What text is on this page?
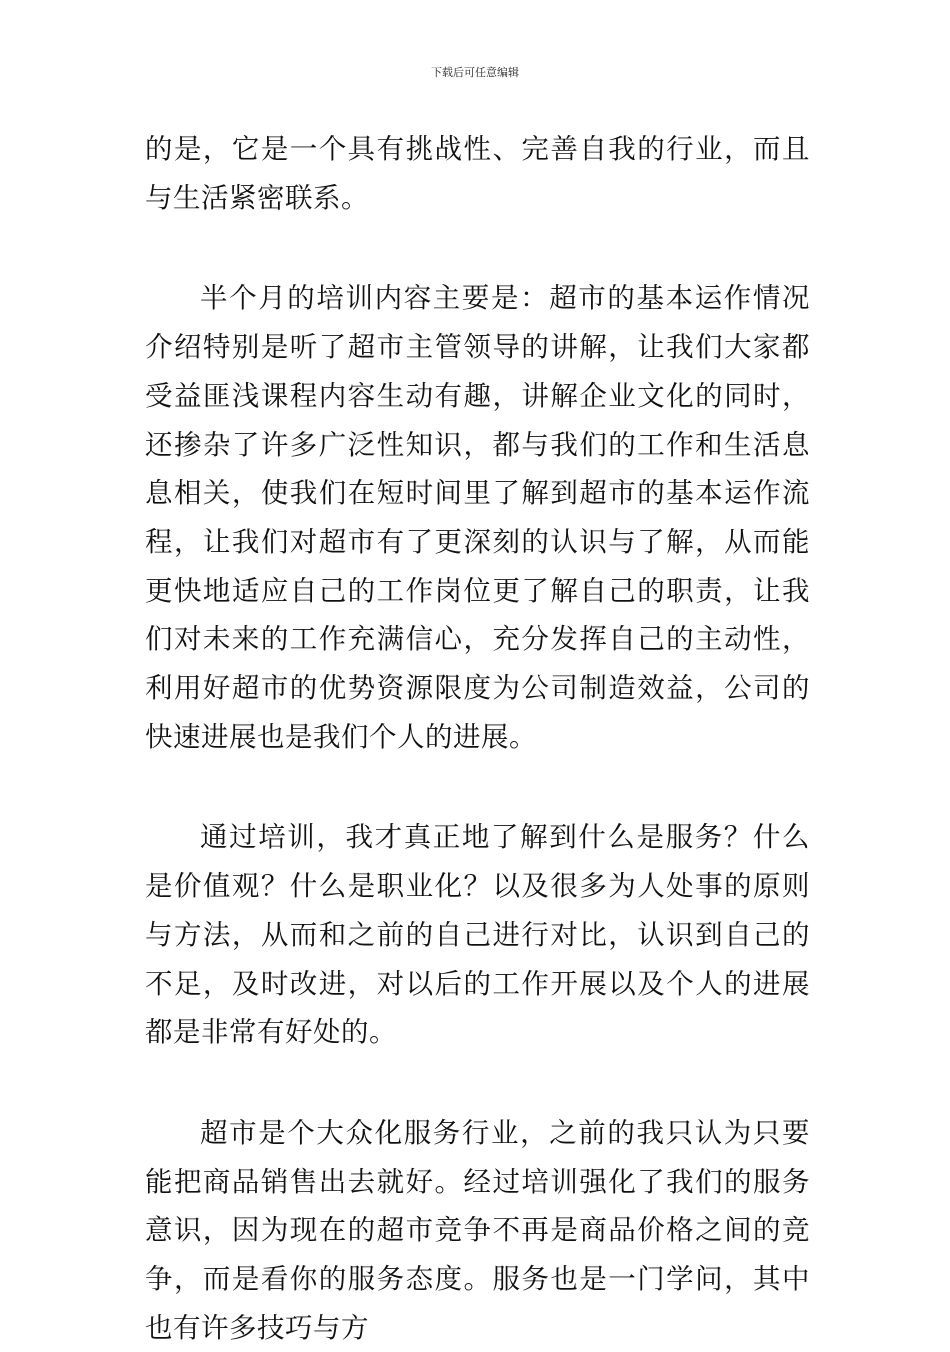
下载后可任意编辑

的是，它是一个具有挑战性、完善自我的行业，而且与生活紧密联系。

半个月的培训内容主要是：超市的基本运作情况介绍特别是听了超市主管领导的讲解，让我们大家都受益匪浅课程内容生动有趣，讲解企业文化的同时，还掺杂了许多广泛性知识，都与我们的工作和生活息息相关，使我们在短时间里了解到超市的基本运作流程，让我们对超市有了更深刻的认识与了解，从而能更快地适应自己的工作岗位更了解自己的职责，让我们对未来的工作充满信心，充分发挥自己的主动性，利用好超市的优势资源限度为公司制造效益，公司的快速进展也是我们个人的进展。

通过培训，我才真正地了解到什么是服务？什么是价值观？什么是职业化？以及很多为人处事的原则与方法，从而和之前的自己进行对比，认识到自己的不足，及时改进，对以后的工作开展以及个人的进展都是非常有好处的。

超市是个大众化服务行业，之前的我只认为只要能把商品销售出去就好。经过培训强化了我们的服务意识，因为现在的超市竞争不再是商品价格之间的竞争，而是看你的服务态度。服务也是一门学问，其中也有许多技巧与方
